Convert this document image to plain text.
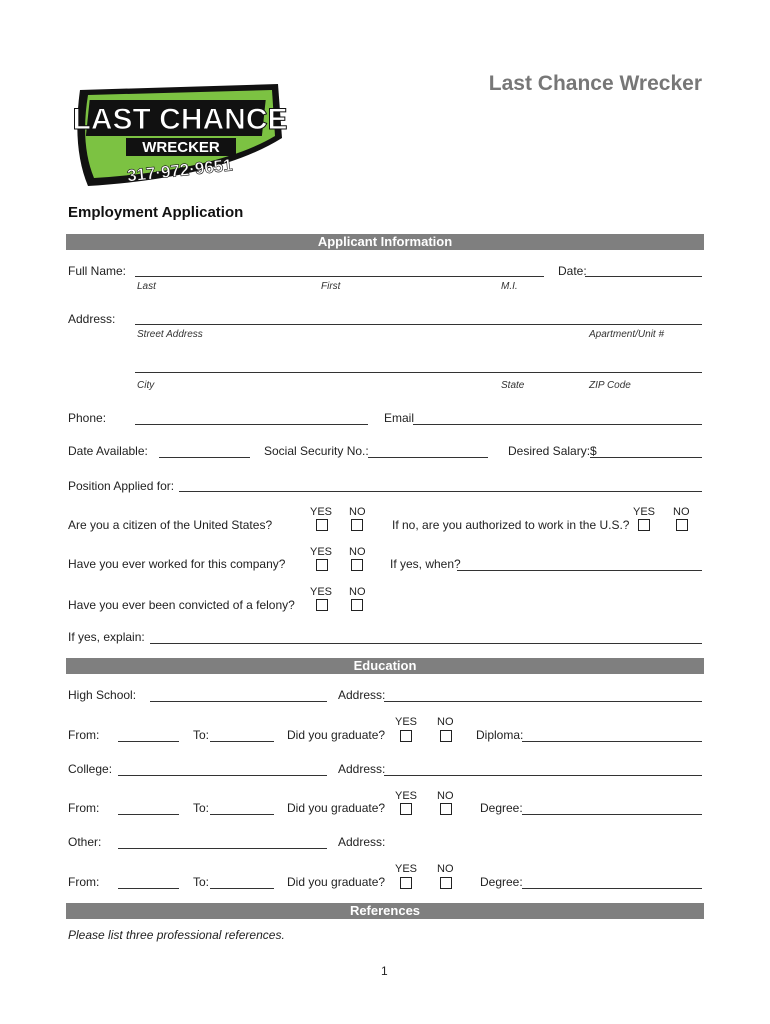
LAST CHANCE
WRECKER
317·972·9651
Last Chance Wrecker
Employment Application
Applicant Information
Full Name:
Last	First	M.I.
Date:
Address:
Street Address	Apartment/Unit #
City	State	ZIP Code
Phone:	Email
Date Available:	Social Security No.:	Desired Salary:$
Position Applied for:
YES NO
Are you a citizen of the United States?
YES NO
If no, are you authorized to work in the U.S.?
YES NO
Have you ever worked for this company?	If yes, when?
YES NO
Have you ever been convicted of a felony?
If yes, explain:
Education
High School:	Address:
YES NO
From:	To:	Did you graduate?	Diploma:
College:	Address:
YES NO
From:	To:	Did you graduate?	Degree:
Other:	Address:
YES NO
From:	To:	Did you graduate?	Degree:
References
Please list three professional references.
1
